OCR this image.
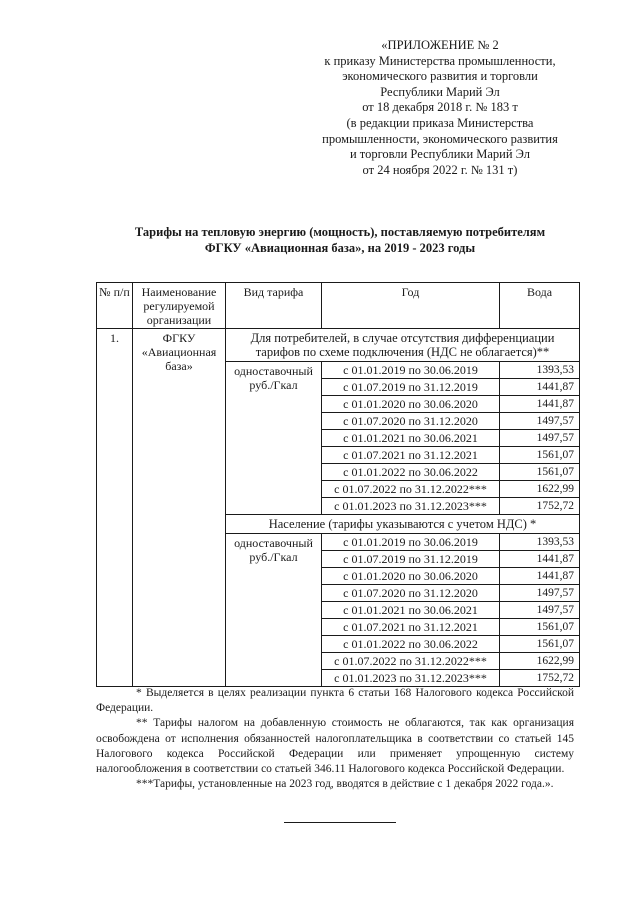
«ПРИЛОЖЕНИЕ № 2
к приказу Министерства промышленности,
экономического развития и торговли
Республики Марий Эл
от 18 декабря 2018 г. № 183 т
(в редакции приказа Министерства
промышленности, экономического развития
и торговли Республики Марий Эл
от 24 ноября 2022 г. № 131 т)
Тарифы на тепловую энергию (мощность), поставляемую потребителям
ФГКУ «Авиационная база», на 2019 - 2023 годы
№ п/п	Наименование регулируемой организации	Вид тарифа	Год	Вода
1.	ФГКУ «Авиационная база»	Для потребителей, в случае отсутствия дифференциации тарифов по схеме подключения (НДС не облагается)**		
		одноставочный руб./Гкал	с 01.01.2019 по 30.06.2019	1393,53
			с 01.07.2019 по 31.12.2019	1441,87
			с 01.01.2020 по 30.06.2020	1441,87
			с 01.07.2020 по 31.12.2020	1497,57
			с 01.01.2021 по 30.06.2021	1497,57
			с 01.07.2021 по 31.12.2021	1561,07
			с 01.01.2022 по 30.06.2022	1561,07
			с 01.07.2022 по 31.12.2022***	1622,99
			с 01.01.2023 по 31.12.2023***	1752,72
		Население (тарифы указываются с учетом НДС) *		
		одноставочный руб./Гкал	с 01.01.2019 по 30.06.2019	1393,53
			с 01.07.2019 по 31.12.2019	1441,87
			с 01.01.2020 по 30.06.2020	1441,87
			с 01.07.2020 по 31.12.2020	1497,57
			с 01.01.2021 по 30.06.2021	1497,57
			с 01.07.2021 по 31.12.2021	1561,07
			с 01.01.2022 по 30.06.2022	1561,07
			с 01.07.2022 по 31.12.2022***	1622,99
			с 01.01.2023 по 31.12.2023***	1752,72

* Выделяется в целях реализации пункта 6 статьи 168 Налогового кодекса Российской Федерации.

** Тарифы налогом на добавленную стоимость не облагаются, так как организация освобождена от исполнения обязанностей налогоплательщика в соответствии со статьей 145 Налогового кодекса Российской Федерации или применяет упрощенную систему налогообложения в соответствии со статьей 346.11 Налогового кодекса Российской Федерации.

***Тарифы, установленные на 2023 год, вводятся в действие с 1 декабря 2022 года.».
